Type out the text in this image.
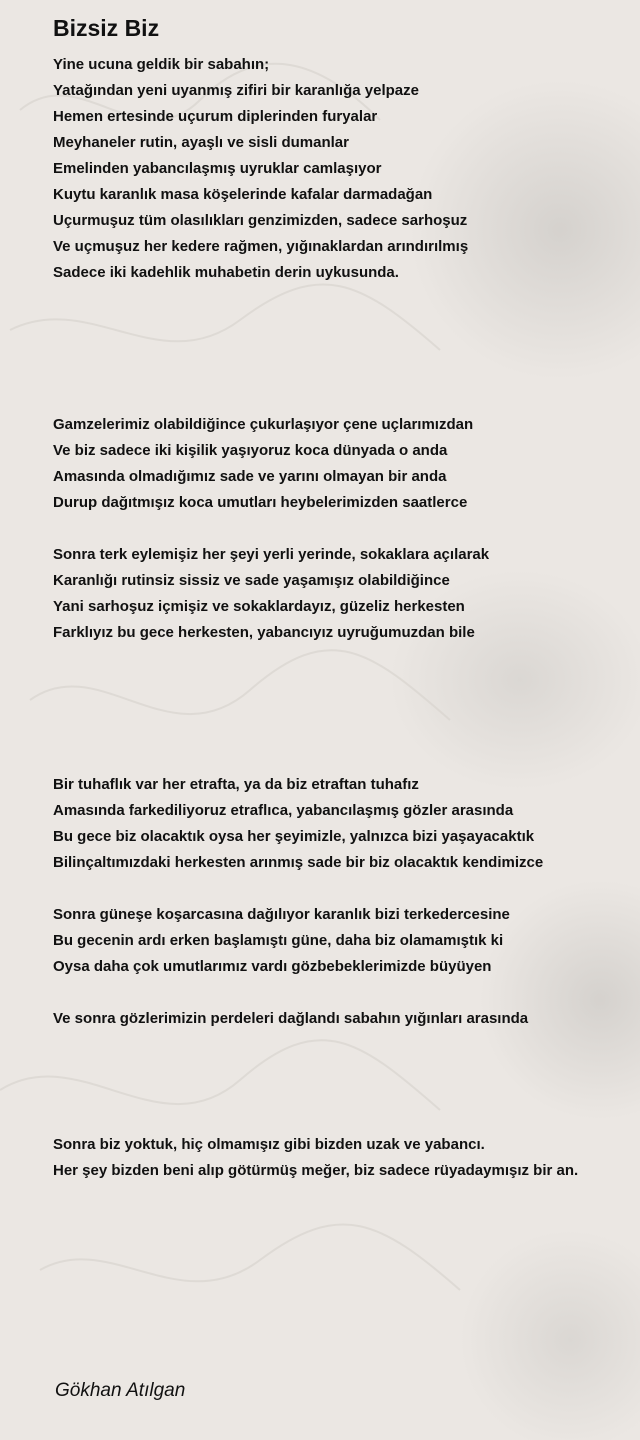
Bizsiz Biz

Yine ucuna geldik bir sabahın;
Yatağından yeni uyanmış zifiri bir karanlığa yelpaze
Hemen ertesinde uçurum diplerinden furyalar
Meyhaneler rutin, ayaşlı ve sisli dumanlar
Emelinden yabancılaşmış uyruklar camlaşıyor
Kuytu karanlık masa köşelerinde kafalar darmadağan
Uçurmuşuz tüm olasılıkları genzimizden, sadece sarhoşuz
Ve uçmuşuz her kedere rağmen, yığınaklardan arındırılmış
Sadece iki kadehlik muhabetin derin uykusunda.

Gamzelerimiz olabildiğince çukurlaşıyor çene uçlarımızdan
Ve biz sadece iki kişilik yaşıyoruz koca dünyada o anda
Amasında olmadığımız sade ve yarını olmayan bir anda
Durup dağıtmışız koca umutları heybelerimizden saatlerce

Sonra terk eylemişiz her şeyi yerli yerinde, sokaklara açılarak
Karanlığı rutinsiz sissiz ve sade yaşamışız olabildiğince
Yani sarhoşuz içmişiz ve sokaklardayız, güzeliz herkesten
Farklıyız bu gece herkesten, yabancıyız uyruğumuzdan bile

Bir tuhaflık var her etrafta, ya da biz etraftan tuhafız
Amasında farkediliyoruz etraflıca, yabancılaşmış gözler arasında
Bu gece biz olacaktık oysa her şeyimizle, yalnızca bizi yaşayacaktık
Bilinçaltımızdaki herkesten arınmış sade bir biz olacaktık kendimizce

Sonra güneşe koşarcasına dağılıyor karanlık bizi terkedercesine
Bu gecenin ardı erken başlamıştı güne, daha biz olamamıştık ki
Oysa daha çok umutlarımız vardı gözbebeklerimizde büyüyen

Ve sonra gözlerimizin perdeleri dağlandı sabahın yığınları arasında

Sonra biz yoktuk, hiç olmamışız gibi bizden uzak ve yabancı.
Her şey bizden beni alıp götürmüş meğer, biz sadece rüyadaymışız bir an.

Gökhan Atılgan
